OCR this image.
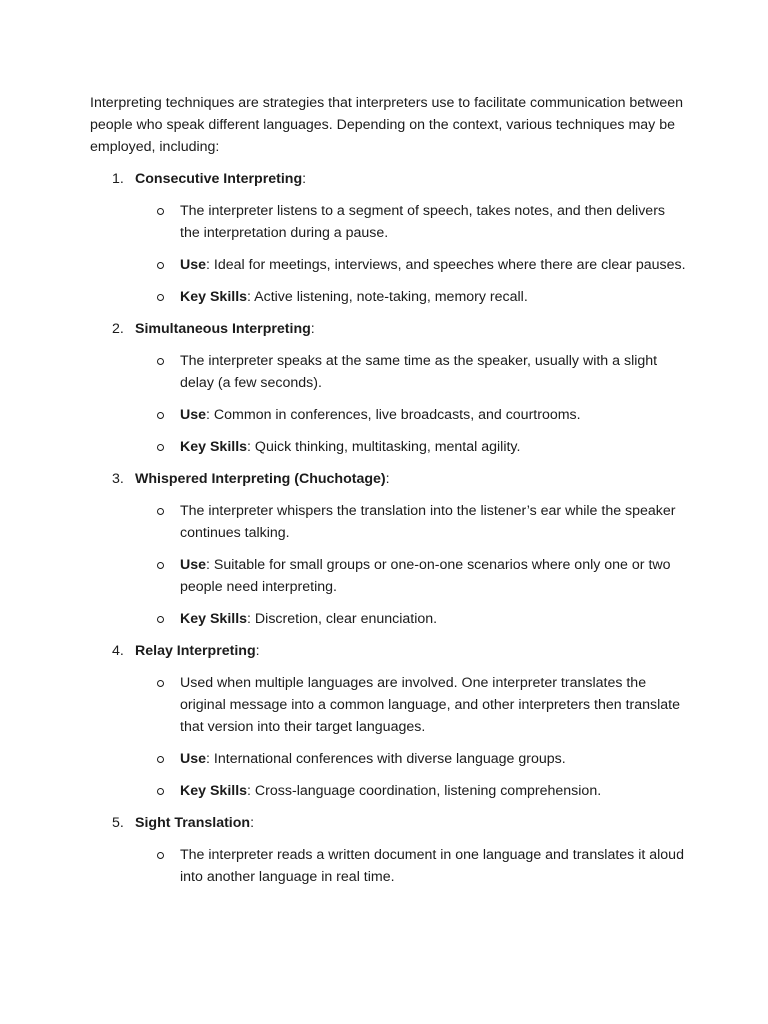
Interpreting techniques are strategies that interpreters use to facilitate communication between people who speak different languages. Depending on the context, various techniques may be employed, including:

1. Consecutive Interpreting:
The interpreter listens to a segment of speech, takes notes, and then delivers the interpretation during a pause.
Use: Ideal for meetings, interviews, and speeches where there are clear pauses.
Key Skills: Active listening, note-taking, memory recall.
2. Simultaneous Interpreting:
The interpreter speaks at the same time as the speaker, usually with a slight delay (a few seconds).
Use: Common in conferences, live broadcasts, and courtrooms.
Key Skills: Quick thinking, multitasking, mental agility.
3. Whispered Interpreting (Chuchotage):
The interpreter whispers the translation into the listener’s ear while the speaker continues talking.
Use: Suitable for small groups or one-on-one scenarios where only one or two people need interpreting.
Key Skills: Discretion, clear enunciation.
4. Relay Interpreting:
Used when multiple languages are involved. One interpreter translates the original message into a common language, and other interpreters then translate that version into their target languages.
Use: International conferences with diverse language groups.
Key Skills: Cross-language coordination, listening comprehension.
5. Sight Translation:
The interpreter reads a written document in one language and translates it aloud into another language in real time.
